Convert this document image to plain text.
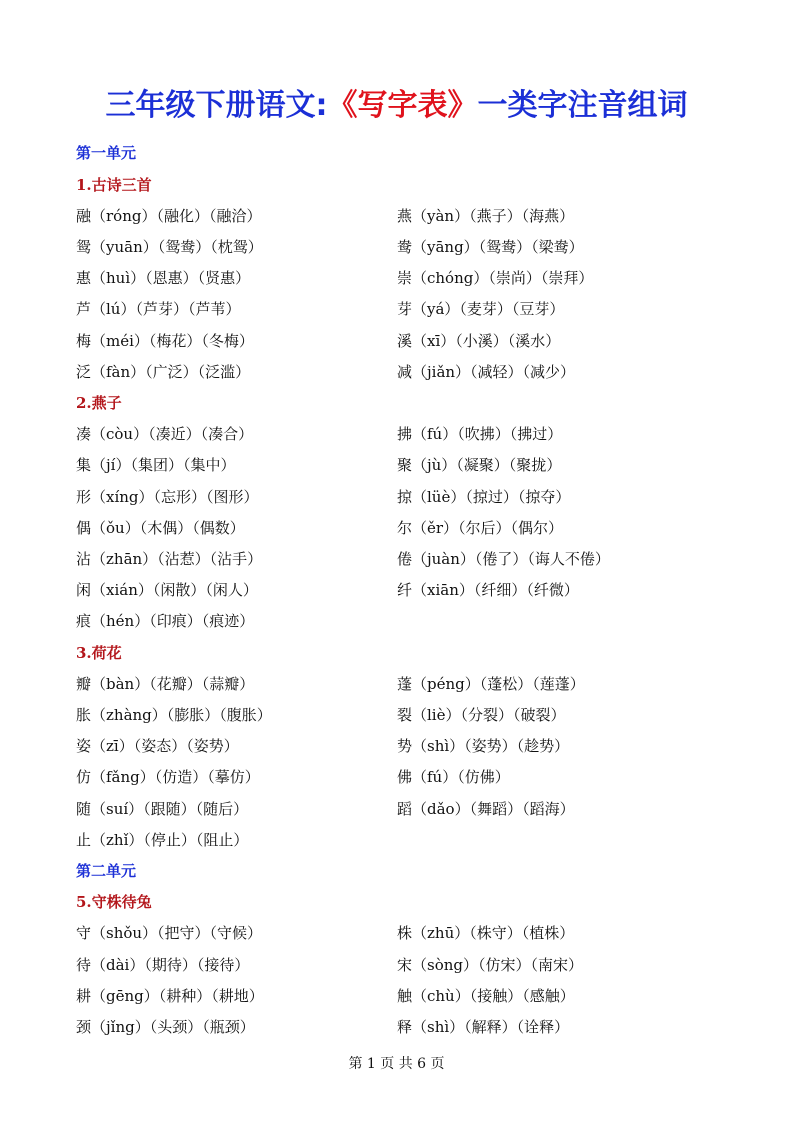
三年级下册语文:《写字表》一类字注音组词
第一单元
1.古诗三首
融（róng）（融化）（融洽）	燕（yàn）（燕子）（海燕）
鸳（yuān）（鸳鸯）（枕鸳）	鸯（yāng）（鸳鸯）（梁鸯）
惠（huì）（恩惠）（贤惠）	崇（chóng）（崇尚）（崇拜）
芦（lú）（芦芽）（芦苇）	芽（yá）（麦芽）（豆芽）
梅（méi）（梅花）（冬梅）	溪（xī）（小溪）（溪水）
泛（fàn）（广泛）（泛滥）	减（jiǎn）（减轻）（减少）
2.燕子
凑（còu）（凑近）（凑合）	拂（fú）（吹拂）（拂过）
集（jí）（集团）（集中）	聚（jù）（凝聚）（聚拢）
形（xíng）（忘形）（图形）	掠（lüè）（掠过）（掠夺）
偶（ǒu）（木偶）（偶数）	尔（ěr）（尔后）（偶尔）
沾（zhān）（沾惹）（沾手）	倦（juàn）（倦了）（诲人不倦）
闲（xián）（闲散）（闲人）	纤（xiān）（纤细）（纤微）
痕（hén）（印痕）（痕迹）
3.荷花
瓣（bàn）（花瓣）（蒜瓣）	蓬（péng）（蓬松）（莲蓬）
胀（zhàng）（膨胀）（腹胀）	裂（liè）（分裂）（破裂）
姿（zī）（姿态）（姿势）	势（shì）（姿势）（趁势）
仿（fǎng）（仿造）（摹仿）	佛（fú）（仿佛）
随（suí）（跟随）（随后）	蹈（dǎo）（舞蹈）（蹈海）
止（zhǐ）（停止）（阻止）
第二单元
5.守株待兔
守（shǒu）（把守）（守候）	株（zhū）（株守）（植株）
待（dài）（期待）（接待）	宋（sòng）（仿宋）（南宋）
耕（gēng）（耕种）（耕地）	触（chù）（接触）（感触）
颈（jǐng）（头颈）（瓶颈）	释（shì）（解释）（诠释）
第 1 页 共 6 页
